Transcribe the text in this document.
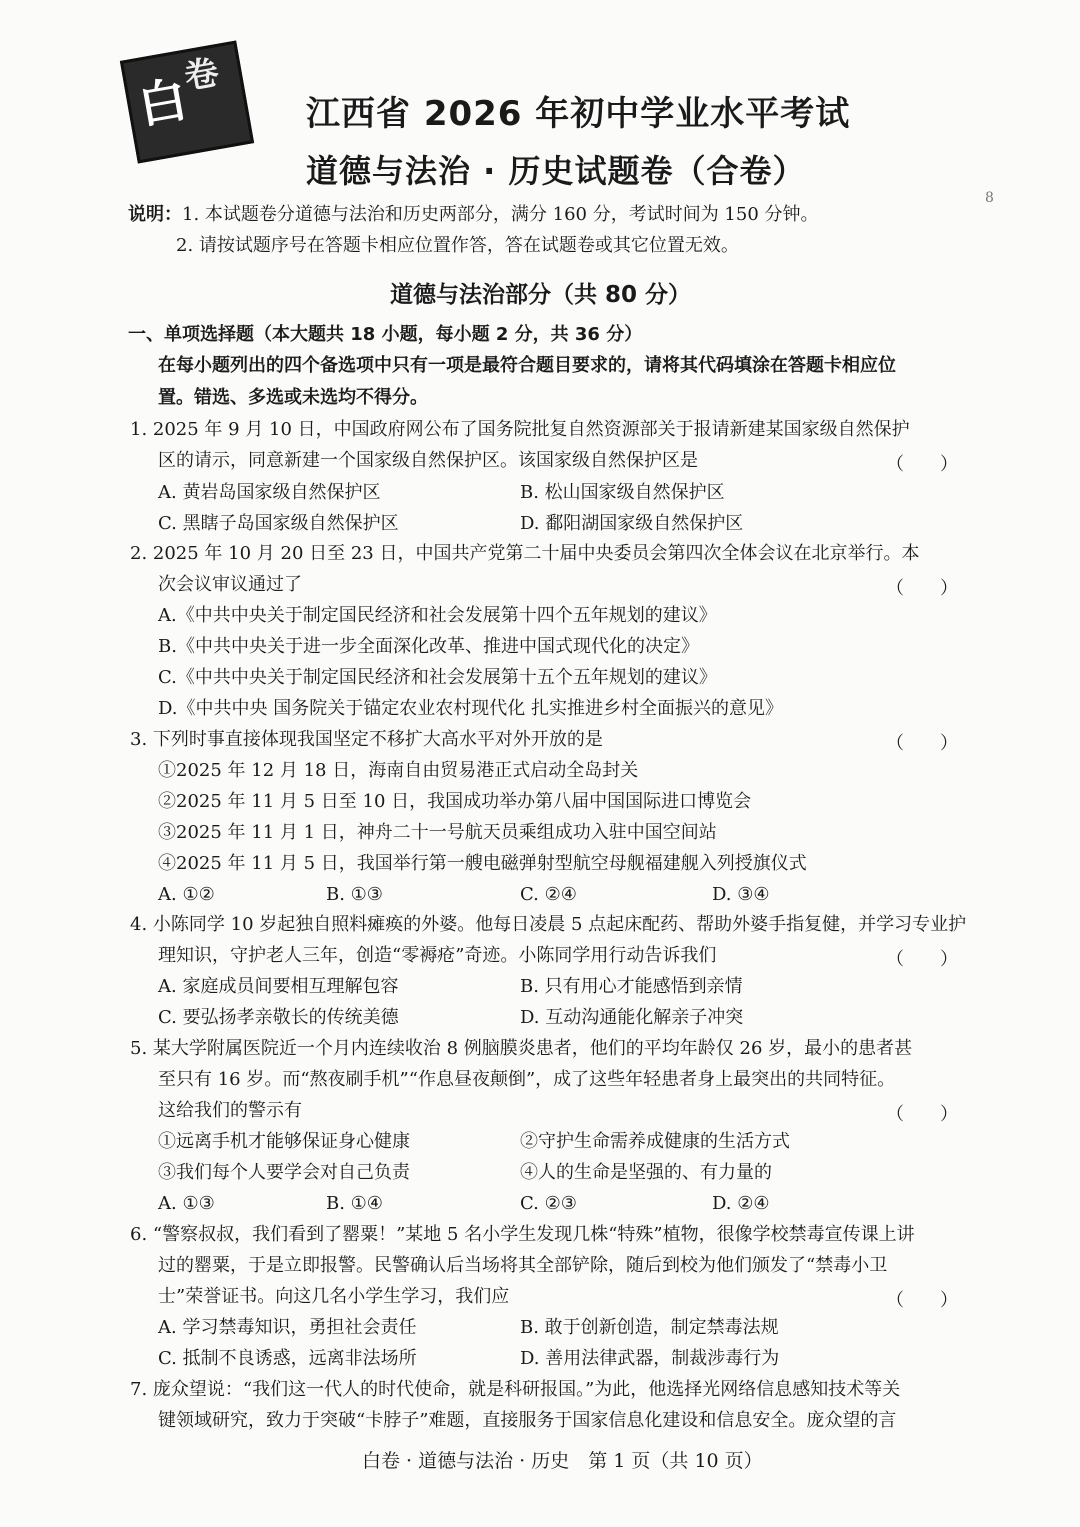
白
卷
江西省 2026 年初中学业水平考试
道德与法治 · 历史试题卷（合卷）
8
说明：1. 本试题卷分道德与法治和历史两部分，满分 160 分，考试时间为 150 分钟。
2. 请按试题序号在答题卡相应位置作答，答在试题卷或其它位置无效。
道德与法治部分（共 80 分）
一、单项选择题（本大题共 18 小题，每小题 2 分，共 36 分）
在每小题列出的四个备选项中只有一项是最符合题目要求的，请将其代码填涂在答题卡相应位
置。错选、多选或未选均不得分。
1. 2025 年 9 月 10 日，中国政府网公布了国务院批复自然资源部关于报请新建某国家级自然保护
区的请示，同意新建一个国家级自然保护区。该国家级自然保护区是	（　　）
A. 黄岩岛国家级自然保护区	B. 松山国家级自然保护区
C. 黑瞎子岛国家级自然保护区	D. 鄱阳湖国家级自然保护区
2. 2025 年 10 月 20 日至 23 日，中国共产党第二十届中央委员会第四次全体会议在北京举行。本
次会议审议通过了	（　　）
A.《中共中央关于制定国民经济和社会发展第十四个五年规划的建议》
B.《中共中央关于进一步全面深化改革、推进中国式现代化的决定》
C.《中共中央关于制定国民经济和社会发展第十五个五年规划的建议》
D.《中共中央 国务院关于锚定农业农村现代化 扎实推进乡村全面振兴的意见》
3. 下列时事直接体现我国坚定不移扩大高水平对外开放的是	（　　）
①2025 年 12 月 18 日，海南自由贸易港正式启动全岛封关
②2025 年 11 月 5 日至 10 日，我国成功举办第八届中国国际进口博览会
③2025 年 11 月 1 日，神舟二十一号航天员乘组成功入驻中国空间站
④2025 年 11 月 5 日，我国举行第一艘电磁弹射型航空母舰福建舰入列授旗仪式
A. ①②	B. ①③	C. ②④	D. ③④
4. 小陈同学 10 岁起独自照料瘫痪的外婆。他每日凌晨 5 点起床配药、帮助外婆手指复健，并学习专业护
理知识，守护老人三年，创造“零褥疮”奇迹。小陈同学用行动告诉我们	（　　）
A. 家庭成员间要相互理解包容	B. 只有用心才能感悟到亲情
C. 要弘扬孝亲敬长的传统美德	D. 互动沟通能化解亲子冲突
5. 某大学附属医院近一个月内连续收治 8 例脑膜炎患者，他们的平均年龄仅 26 岁，最小的患者甚
至只有 16 岁。而“熬夜刷手机”“作息昼夜颠倒”，成了这些年轻患者身上最突出的共同特征。
这给我们的警示有	（　　）
①远离手机才能够保证身心健康	②守护生命需养成健康的生活方式
③我们每个人要学会对自己负责	④人的生命是坚强的、有力量的
A. ①③	B. ①④	C. ②③	D. ②④
6. “警察叔叔，我们看到了罂粟！”某地 5 名小学生发现几株“特殊”植物，很像学校禁毒宣传课上讲
过的罂粟，于是立即报警。民警确认后当场将其全部铲除，随后到校为他们颁发了“禁毒小卫
士”荣誉证书。向这几名小学生学习，我们应	（　　）
A. 学习禁毒知识，勇担社会责任	B. 敢于创新创造，制定禁毒法规
C. 抵制不良诱惑，远离非法场所	D. 善用法律武器，制裁涉毒行为
7. 庞众望说：“我们这一代人的时代使命，就是科研报国。”为此，他选择光网络信息感知技术等关
键领域研究，致力于突破“卡脖子”难题，直接服务于国家信息化建设和信息安全。庞众望的言
白卷 · 道德与法治 · 历史　第 1 页（共 10 页）
